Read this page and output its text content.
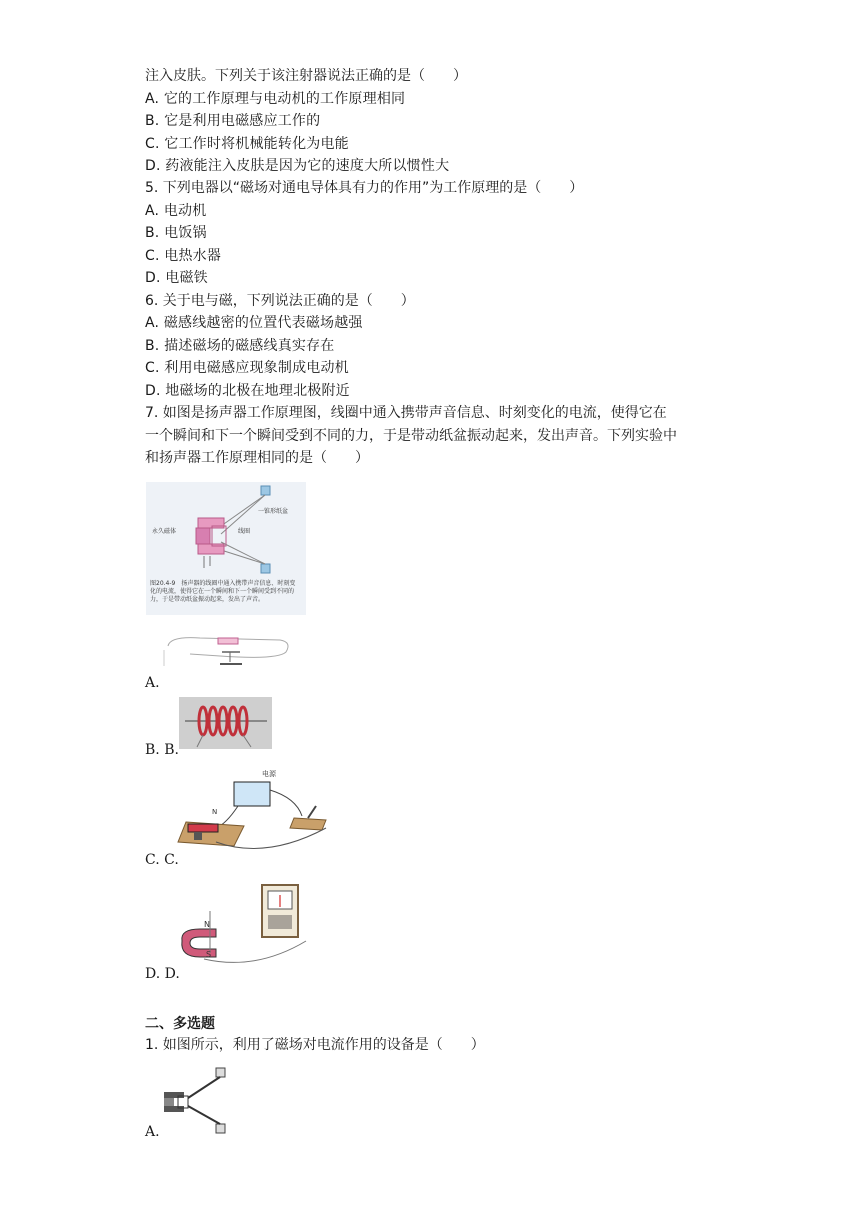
注入皮肤。下列关于该注射器说法正确的是（　　）
A. 它的工作原理与电动机的工作原理相同
B. 它是利用电磁感应工作的
C. 它工作时将机械能转化为电能
D. 药液能注入皮肤是因为它的速度大所以惯性大
5. 下列电器以“磁场对通电导体具有力的作用”为工作原理的是（　　）
A. 电动机
B. 电饭锅
C. 电热水器
D. 电磁铁
6. 关于电与磁，下列说法正确的是（　　）
A. 磁感线越密的位置代表磁场越强
B. 描述磁场的磁感线真实存在
C. 利用电磁感应现象制成电动机
D. 地磁场的北极在地理北极附近
7. 如图是扬声器工作原理图，线圈中通入携带声音信息、时刻变化的电流，使得它在
一个瞬间和下一个瞬间受到不同的力，于是带动纸盆振动起来，发出声音。下列实验中
和扬声器工作原理相同的是（　　）
永久磁体
一锥形纸盆
线圈
图20.4-9　扬声器的线圈中通入携带声音信息、时刻变化的电流，使得它在一个瞬间和下一个瞬间受到不同的力，于是带动纸盆振动起来，发出了声音。
A.
B. B.
电源
N
C. C.
N
S
D. D.
二、多选题
1. 如图所示，利用了磁场对电流作用的设备是（　　）
A.
